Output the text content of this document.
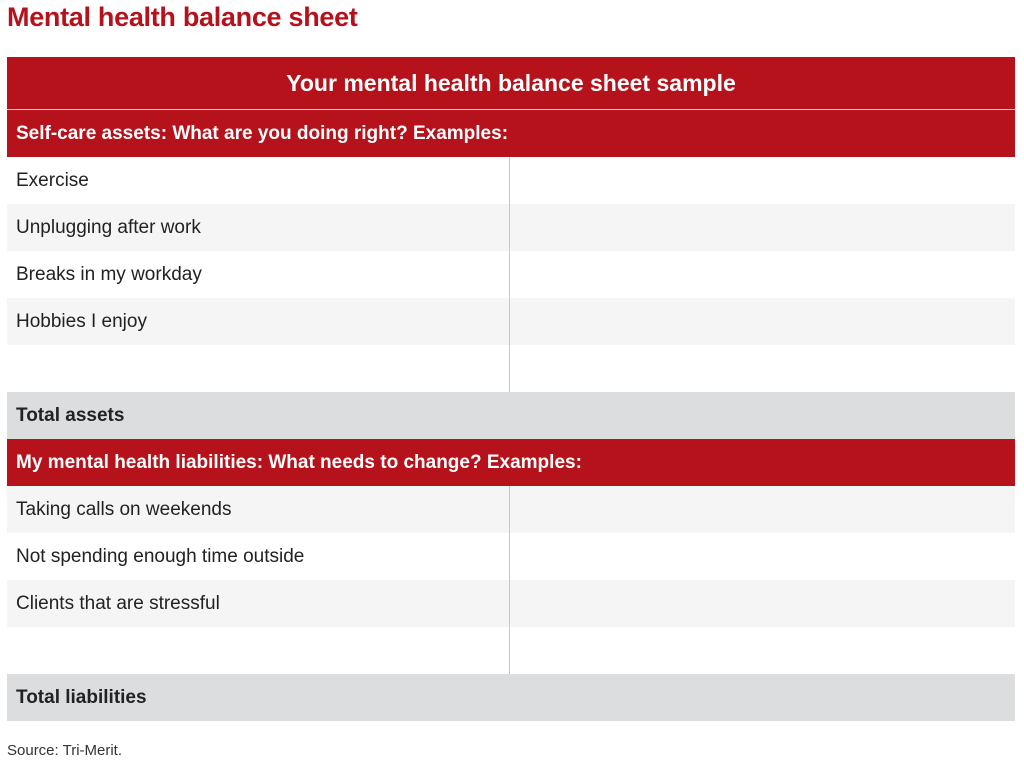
Mental health balance sheet
Your mental health balance sheet sample
Self-care assets: What are you doing right? Examples:
Exercise
Unplugging after work
Breaks in my workday
Hobbies I enjoy
Total assets
My mental health liabilities: What needs to change? Examples:
Taking calls on weekends
Not spending enough time outside
Clients that are stressful
Total liabilities
Source: Tri-Merit.
